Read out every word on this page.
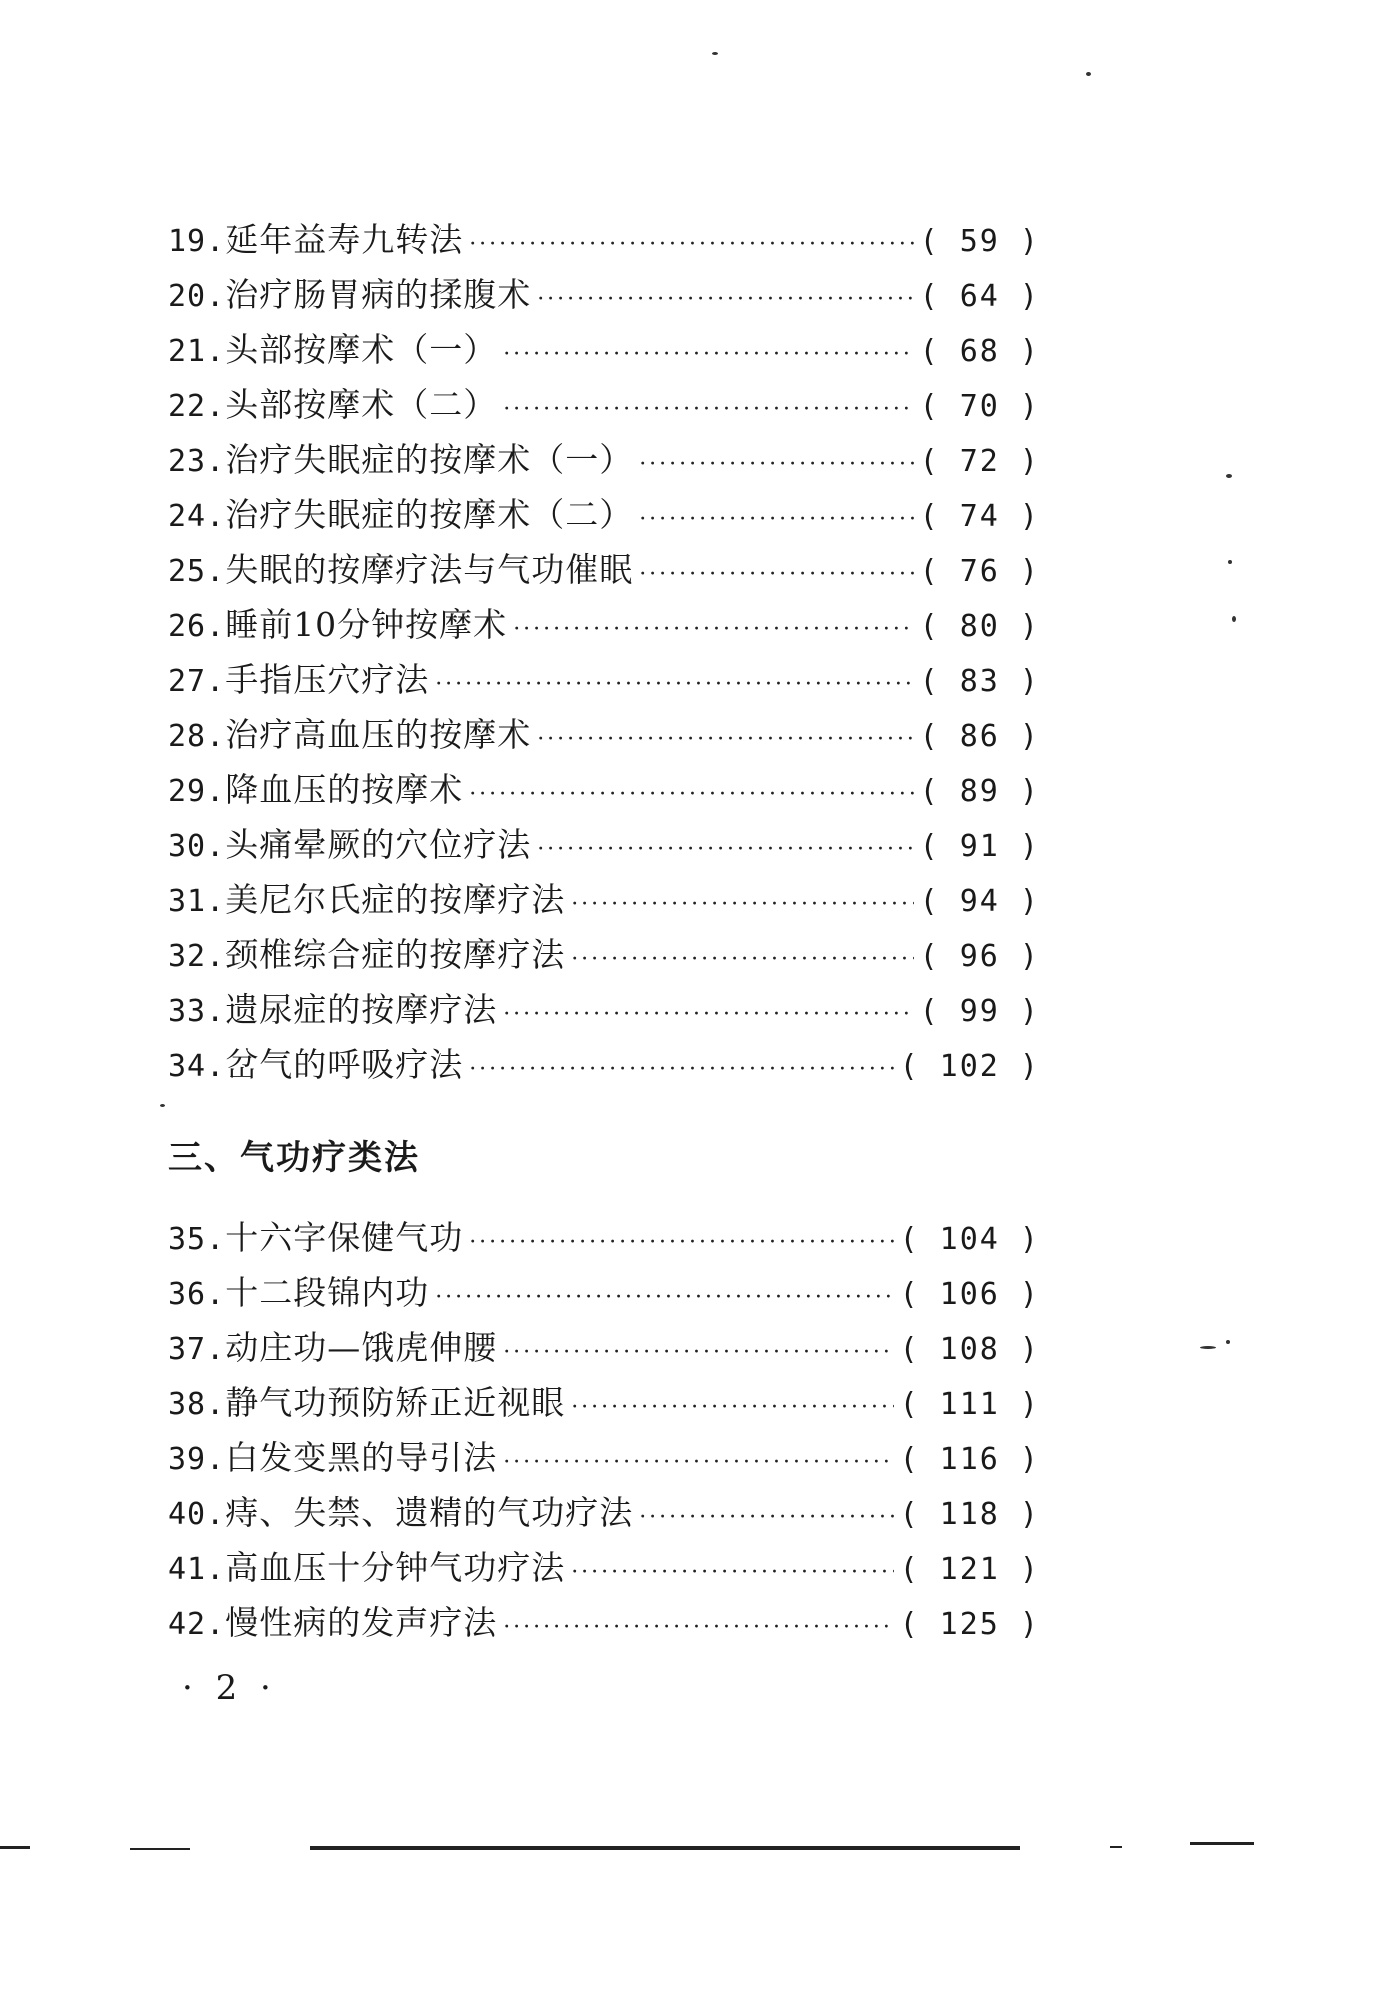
19. 延年益寿九转法 ·····	( 59 )
20. 治疗肠胃病的揉腹术 ·····	( 64 )
21. 头部按摩术（一） ·····	( 68 )
22. 头部按摩术（二） ·····	( 70 )
23. 治疗失眠症的按摩术（一） ·····	( 72 )
24. 治疗失眠症的按摩术（二） ·····	( 74 )
25. 失眠的按摩疗法与气功催眠 ·····	( 76 )
26. 睡前10分钟按摩术 ·····	( 80 )
27. 手指压穴疗法 ·····	( 83 )
28. 治疗高血压的按摩术 ·····	( 86 )
29. 降血压的按摩术 ·····	( 89 )
30. 头痛晕厥的穴位疗法 ·····	( 91 )
31. 美尼尔氏症的按摩疗法 ·····	( 94 )
32. 颈椎综合症的按摩疗法 ·····	( 96 )
33. 遗尿症的按摩疗法 ·····	( 99 )
34. 岔气的呼吸疗法 ·····	( 102 )
三、气功疗类法
35. 十六字保健气功 ·····	( 104 )
36. 十二段锦内功 ·····	( 106 )
37. 动庄功—饿虎伸腰 ·····	( 108 )
38. 静气功预防矫正近视眼 ·····	( 111 )
39. 白发变黑的导引法 ·····	( 116 )
40. 痔、失禁、遗精的气功疗法 ·····	( 118 )
41. 高血压十分钟气功疗法 ·····	( 121 )
42. 慢性病的发声疗法 ·····	( 125 )
· 2 ·
